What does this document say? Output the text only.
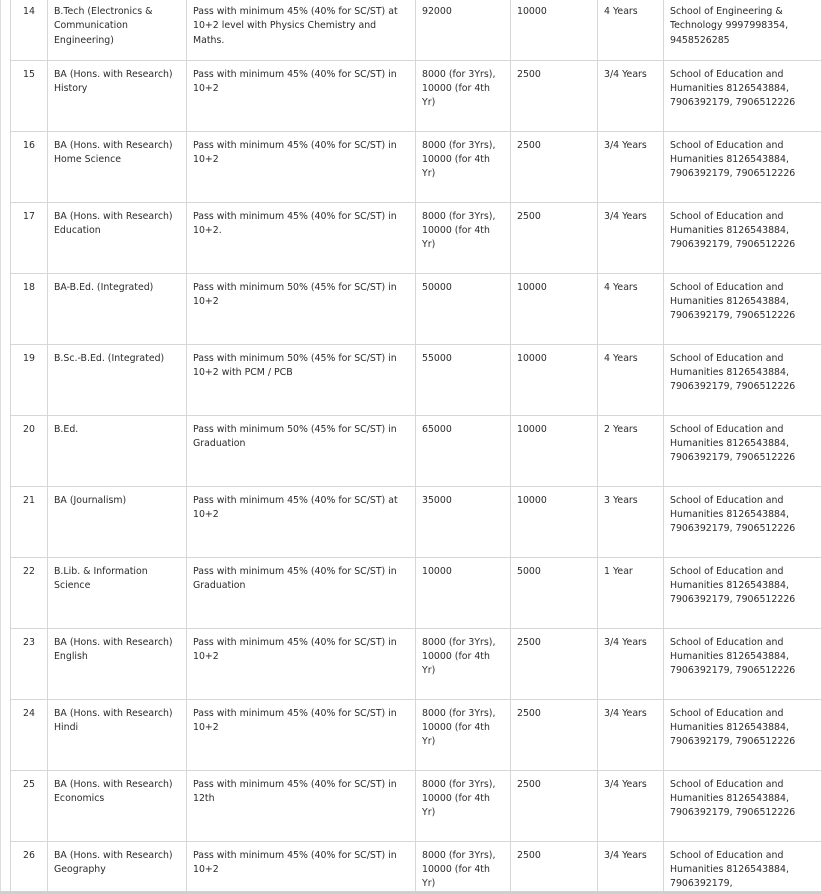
14	B.Tech (Electronics & Communication Engineering)	Pass with minimum 45% (40% for SC/ST) at 10+2 level with Physics Chemistry and Maths.	92000	10000	4 Years	School of Engineering & Technology 9997998354, 9458526285
15	BA (Hons. with Research) History	Pass with minimum 45% (40% for SC/ST) in 10+2	8000 (for 3Yrs), 10000 (for 4th Yr)	2500	3/4 Years	School of Education and Humanities 8126543884, 7906392179, 7906512226
16	BA (Hons. with Research) Home Science	Pass with minimum 45% (40% for SC/ST) in 10+2	8000 (for 3Yrs), 10000 (for 4th Yr)	2500	3/4 Years	School of Education and Humanities 8126543884, 7906392179, 7906512226
17	BA (Hons. with Research) Education	Pass with minimum 45% (40% for SC/ST) in 10+2.	8000 (for 3Yrs), 10000 (for 4th Yr)	2500	3/4 Years	School of Education and Humanities 8126543884, 7906392179, 7906512226
18	BA-B.Ed. (Integrated)	Pass with minimum 50% (45% for SC/ST) in 10+2	50000	10000	4 Years	School of Education and Humanities 8126543884, 7906392179, 7906512226
19	B.Sc.-B.Ed. (Integrated)	Pass with minimum 50% (45% for SC/ST) in 10+2 with PCM / PCB	55000	10000	4 Years	School of Education and Humanities 8126543884, 7906392179, 7906512226
20	B.Ed.	Pass with minimum 50% (45% for SC/ST) in Graduation	65000	10000	2 Years	School of Education and Humanities 8126543884, 7906392179, 7906512226
21	BA (Journalism)	Pass with minimum 45% (40% for SC/ST) at 10+2	35000	10000	3 Years	School of Education and Humanities 8126543884, 7906392179, 7906512226
22	B.Lib. & Information Science	Pass with minimum 45% (40% for SC/ST) in Graduation	10000	5000	1 Year	School of Education and Humanities 8126543884, 7906392179, 7906512226
23	BA (Hons. with Research) English	Pass with minimum 45% (40% for SC/ST) in 10+2	8000 (for 3Yrs), 10000 (for 4th Yr)	2500	3/4 Years	School of Education and Humanities 8126543884, 7906392179, 7906512226
24	BA (Hons. with Research) Hindi	Pass with minimum 45% (40% for SC/ST) in 10+2	8000 (for 3Yrs), 10000 (for 4th Yr)	2500	3/4 Years	School of Education and Humanities 8126543884, 7906392179, 7906512226
25	BA (Hons. with Research) Economics	Pass with minimum 45% (40% for SC/ST) in 12th	8000 (for 3Yrs), 10000 (for 4th Yr)	2500	3/4 Years	School of Education and Humanities 8126543884, 7906392179, 7906512226
26	BA (Hons. with Research) Geography	Pass with minimum 45% (40% for SC/ST) in 10+2	8000 (for 3Yrs), 10000 (for 4th Yr)	2500	3/4 Years	School of Education and Humanities 8126543884, 7906392179,
